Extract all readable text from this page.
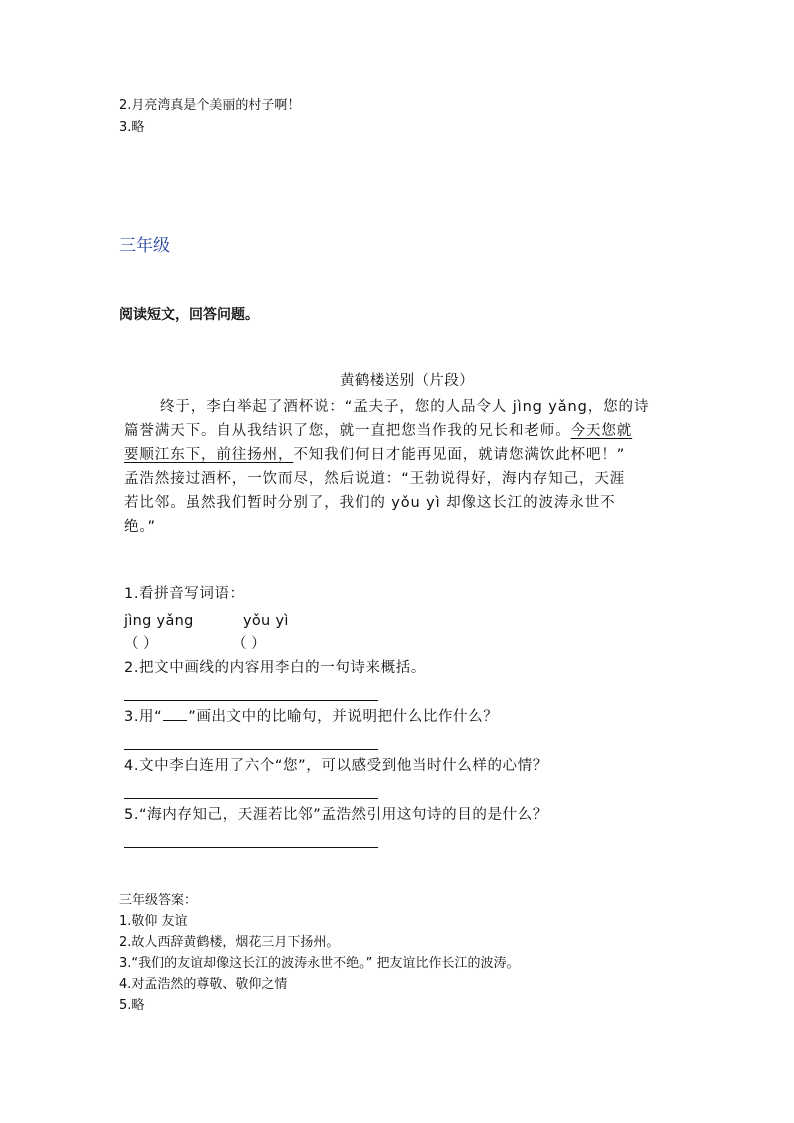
2.月亮湾真是个美丽的村子啊！
3.略
三年级
阅读短文，回答问题。
黄鹤楼送别（片段）
终于，李白举起了酒杯说：“孟夫子，您的人品令人 jìng yǎng，您的诗
篇誉满天下。自从我结识了您，就一直把您当作我的兄长和老师。今天您就
要顺江东下，前往扬州，不知我们何日才能再见面，就请您满饮此杯吧！”
孟浩然接过酒杯，一饮而尽，然后说道：“王勃说得好，海内存知己，天涯
若比邻。虽然我们暂时分别了，我们的 yǒu yì 却像这长江的波涛永世不
绝。”
1.看拼音写词语：
jìng yǎng	yǒu yì
（ ）	（ ）
2.把文中画线的内容用李白的一句诗来概括。
3.用“ ”画出文中的比喻句，并说明把什么比作什么？
4.文中李白连用了六个“您”，可以感受到他当时什么样的心情？
5.“海内存知己，天涯若比邻”孟浩然引用这句诗的目的是什么？
三年级答案：
1.敬仰 友谊
2.故人西辞黄鹤楼，烟花三月下扬州。
3.“我们的友谊却像这长江的波涛永世不绝。” 把友谊比作长江的波涛。
4.对孟浩然的尊敬、敬仰之情
5.略
